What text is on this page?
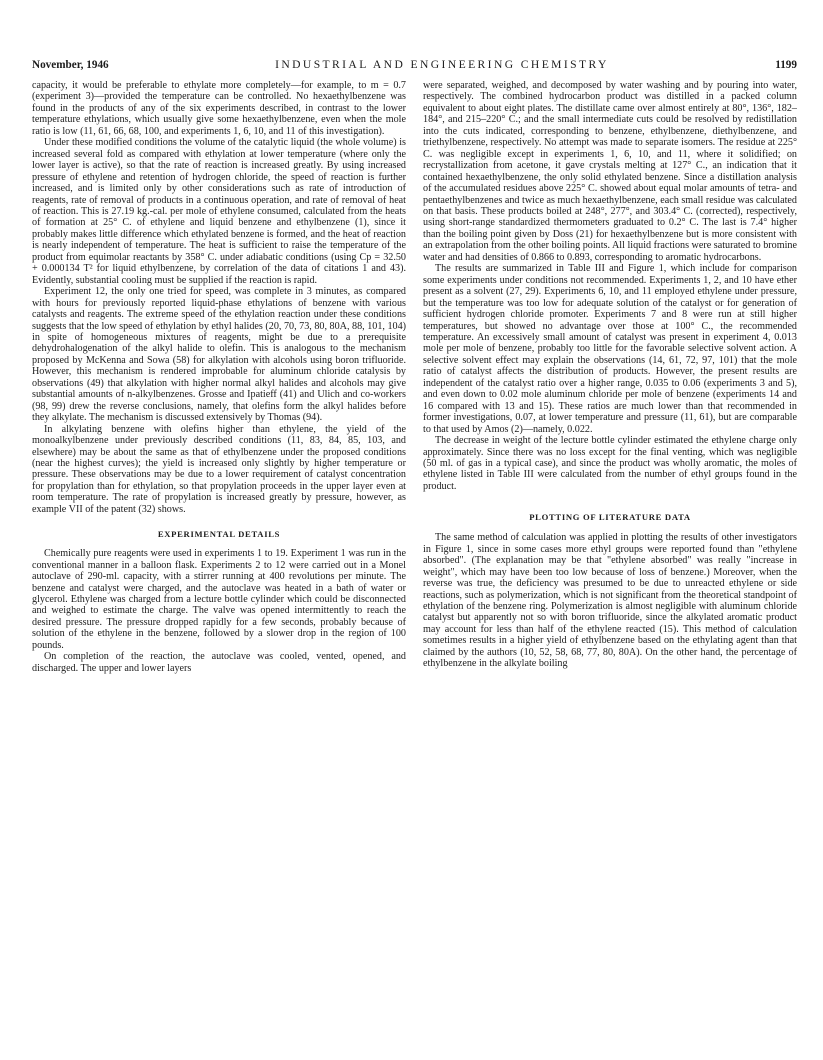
November, 1946	INDUSTRIAL AND ENGINEERING CHEMISTRY	1199

capacity, it would be preferable to ethylate more completely—for example, to m = 0.7 (experiment 3)—provided the temperature can be controlled. No hexaethylbenzene was found in the products of any of the six experiments described, in contrast to the lower temperature ethylations, which usually give some hexaethylbenzene, even when the mole ratio is low (11, 61, 66, 68, 100, and experiments 1, 6, 10, and 11 of this investigation).

Under these modified conditions the volume of the catalytic liquid (the whole volume) is increased several fold as compared with ethylation at lower temperature (where only the lower layer is active), so that the rate of reaction is increased greatly. By using increased pressure of ethylene and retention of hydrogen chloride, the speed of reaction is further increased, and is limited only by other considerations such as rate of introduction of reagents, rate of removal of products in a continuous operation, and rate of removal of heat of reaction. This is 27.19 kg.-cal. per mole of ethylene consumed, calculated from the heats of formation at 25° C. of ethylene and liquid benzene and ethylbenzene (1), since it probably makes little difference which ethylated benzene is formed, and the heat of reaction is nearly independent of temperature. The heat is sufficient to raise the temperature of the product from equimolar reactants by 358° C. under adiabatic conditions (using Cp = 32.50 + 0.000134 T² for liquid ethylbenzene, by correlation of the data of citations 1 and 43). Evidently, substantial cooling must be supplied if the reaction is rapid.

Experiment 12, the only one tried for speed, was complete in 3 minutes, as compared with hours for previously reported liquid-phase ethylations of benzene with various catalysts and reagents. The extreme speed of the ethylation reaction under these conditions suggests that the low speed of ethylation by ethyl halides (20, 70, 73, 80, 80A, 88, 101, 104) in spite of homogeneous mixtures of reagents, might be due to a prerequisite dehydrohalogenation of the alkyl halide to olefin. This is analogous to the mechanism proposed by McKenna and Sowa (58) for alkylation with alcohols using boron trifluoride. However, this mechanism is rendered improbable for aluminum chloride catalysis by observations (49) that alkylation with higher normal alkyl halides and alcohols may give substantial amounts of n-alkylbenzenes. Grosse and Ipatieff (41) and Ulich and co-workers (98, 99) drew the reverse conclusions, namely, that olefins form the alkyl halides before they alkylate. The mechanism is discussed extensively by Thomas (94).

In alkylating benzene with olefins higher than ethylene, the yield of the monoalkylbenzene under previously described conditions (11, 83, 84, 85, 103, and elsewhere) may be about the same as that of ethylbenzene under the proposed conditions (near the highest curves); the yield is increased only slightly by higher temperature or pressure. These observations may be due to a lower requirement of catalyst concentration for propylation than for ethylation, so that propylation proceeds in the upper layer even at room temperature. The rate of propylation is increased greatly by pressure, however, as example VII of the patent (32) shows.

EXPERIMENTAL DETAILS

Chemically pure reagents were used in experiments 1 to 19. Experiment 1 was run in the conventional manner in a balloon flask. Experiments 2 to 12 were carried out in a Monel autoclave of 290-ml. capacity, with a stirrer running at 400 revolutions per minute. The benzene and catalyst were charged, and the autoclave was heated in a bath of water or glycerol. Ethylene was charged from a lecture bottle cylinder which could be disconnected and weighed to estimate the charge. The valve was opened intermittently to reach the desired pressure. The pressure dropped rapidly for a few seconds, probably because of solution of the ethylene in the benzene, followed by a slower drop in the region of 100 pounds.

On completion of the reaction, the autoclave was cooled, vented, opened, and discharged. The upper and lower layers

were separated, weighed, and decomposed by water washing and by pouring into water, respectively. The combined hydrocarbon product was distilled in a packed column equivalent to about eight plates. The distillate came over almost entirely at 80°, 136°, 182–184°, and 215–220° C.; and the small intermediate cuts could be resolved by redistillation into the cuts indicated, corresponding to benzene, ethylbenzene, diethylbenzene, and triethylbenzene, respectively. No attempt was made to separate isomers. The residue at 225° C. was negligible except in experiments 1, 6, 10, and 11, where it solidified; on recrystallization from acetone, it gave crystals melting at 127° C., an indication that it contained hexaethylbenzene, the only solid ethylated benzene. Since a distillation analysis of the accumulated residues above 225° C. showed about equal molar amounts of tetra- and pentaethylbenzenes and twice as much hexaethylbenzene, each small residue was calculated on that basis. These products boiled at 248°, 277°, and 303.4° C. (corrected), respectively, using short-range standardized thermometers graduated to 0.2° C. The last is 7.4° higher than the boiling point given by Doss (21) for hexaethylbenzene but is more consistent with an extrapolation from the other boiling points. All liquid fractions were saturated to bromine water and had densities of 0.866 to 0.893, corresponding to aromatic hydrocarbons.

The results are summarized in Table III and Figure 1, which include for comparison some experiments under conditions not recommended. Experiments 1, 2, and 10 have ether present as a solvent (27, 29). Experiments 6, 10, and 11 employed ethylene under pressure, but the temperature was too low for adequate solution of the catalyst or for generation of sufficient hydrogen chloride promoter. Experiments 7 and 8 were run at still higher temperatures, but showed no advantage over those at 100° C., the recommended temperature. An excessively small amount of catalyst was present in experiment 4, 0.013 mole per mole of benzene, probably too little for the favorable selective solvent action. A selective solvent effect may explain the observations (14, 61, 72, 97, 101) that the mole ratio of catalyst affects the distribution of products. However, the present results are independent of the catalyst ratio over a higher range, 0.035 to 0.06 (experiments 3 and 5), and even down to 0.02 mole aluminum chloride per mole of benzene (experiments 14 and 16 compared with 13 and 15). These ratios are much lower than that recommended in former investigations, 0.07, at lower temperature and pressure (11, 61), but are comparable to that used by Amos (2)—namely, 0.022.

The decrease in weight of the lecture bottle cylinder estimated the ethylene charge only approximately. Since there was no loss except for the final venting, which was negligible (50 ml. of gas in a typical case), and since the product was wholly aromatic, the moles of ethylene listed in Table III were calculated from the number of ethyl groups found in the product.

PLOTTING OF LITERATURE DATA

The same method of calculation was applied in plotting the results of other investigators in Figure 1, since in some cases more ethyl groups were reported found than "ethylene absorbed". (The explanation may be that "ethylene absorbed" was really "increase in weight", which may have been too low because of loss of benzene.) Moreover, when the reverse was true, the deficiency was presumed to be due to unreacted ethylene or side reactions, such as polymerization, which is not significant from the theoretical standpoint of ethylation of the benzene ring. Polymerization is almost negligible with aluminum chloride catalyst but apparently not so with boron trifluoride, since the alkylated aromatic product may account for less than half of the ethylene reacted (15). This method of calculation sometimes results in a higher yield of ethylbenzene based on the ethylating agent than that claimed by the authors (10, 52, 58, 68, 77, 80, 80A). On the other hand, the percentage of ethylbenzene in the alkylate boiling
